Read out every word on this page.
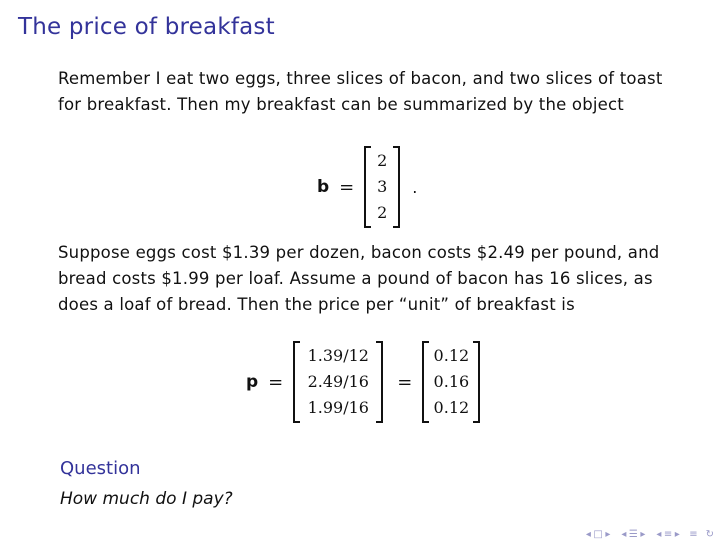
The price of breakfast
Remember I eat two eggs, three slices of bacon, and two slices of toast for breakfast. Then my breakfast can be summarized by the object
b =
2
3
2
.
Suppose eggs cost $1.39 per dozen, bacon costs $2.49 per pound, and bread costs $1.99 per loaf. Assume a pound of bacon has 16 slices, as does a loaf of bread. Then the price per “unit” of breakfast is
p =
1.39/12
2.49/16
1.99/16
=
0.12
0.16
0.12
Question
How much do I pay?
◂ □ ▸ ◂ ☰ ▸ ◂ ≡ ▸ ≡ ↻
